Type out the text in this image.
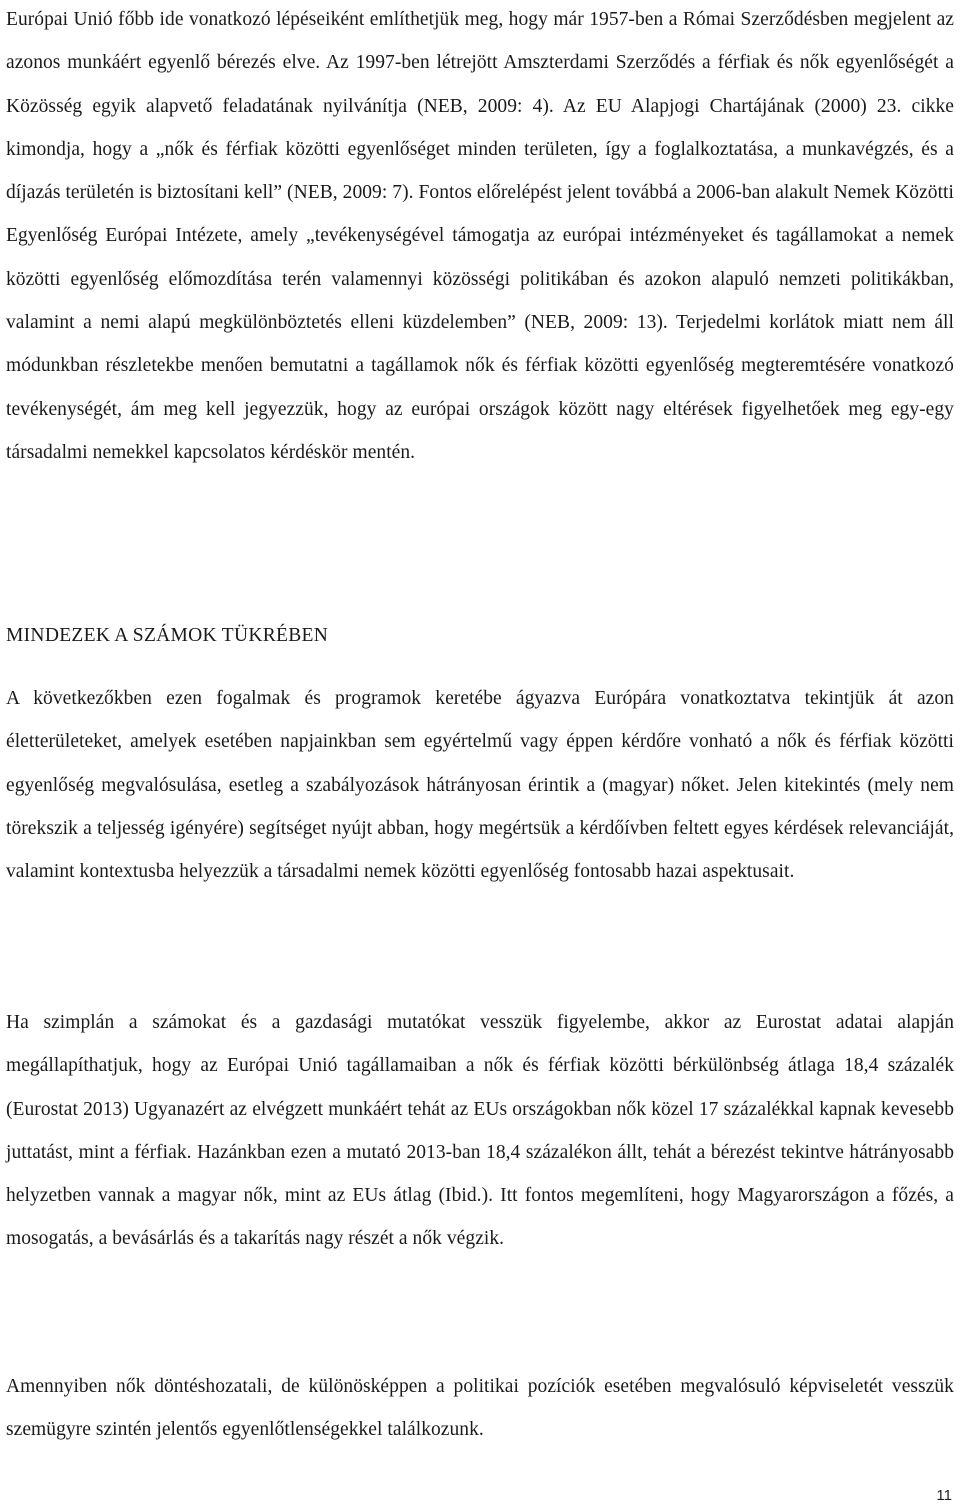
Európai Unió főbb ide vonatkozó lépéseiként említhetjük meg, hogy már 1957-ben a Római Szerződésben megjelent az azonos munkáért egyenlő bérezés elve. Az 1997-ben létrejött Amszterdami Szerződés a férfiak és nők egyenlőségét a Közösség egyik alapvető feladatának nyilvánítja (NEB, 2009: 4). Az EU Alapjogi Chartájának (2000) 23. cikke kimondja, hogy a „nők és férfiak közötti egyenlőséget minden területen, így a foglalkoztatása, a munkavégzés, és a díjazás területén is biztosítani kell” (NEB, 2009: 7). Fontos előrelépést jelent továbbá a 2006-ban alakult Nemek Közötti Egyenlőség Európai Intézete, amely „tevékenységével támogatja az európai intézményeket és tagállamokat a nemek közötti egyenlőség előmozdítása terén valamennyi közösségi politikában és azokon alapuló nemzeti politikákban, valamint a nemi alapú megkülönböztetés elleni küzdelemben” (NEB, 2009: 13). Terjedelmi korlátok miatt nem áll módunkban részletekbe menően bemutatni a tagállamok nők és férfiak közötti egyenlőség megteremtésére vonatkozó tevékenységét, ám meg kell jegyezzük, hogy az európai országok között nagy eltérések figyelhetőek meg egy-egy társadalmi nemekkel kapcsolatos kérdéskör mentén.

MINDEZEK A SZÁMOK TÜKRÉBEN

A következőkben ezen fogalmak és programok keretébe ágyazva Európára vonatkoztatva tekintjük át azon életterületeket, amelyek esetében napjainkban sem egyértelmű vagy éppen kérdőre vonható a nők és férfiak közötti egyenlőség megvalósulása, esetleg a szabályozások hátrányosan érintik a (magyar) nőket. Jelen kitekintés (mely nem törekszik a teljesség igényére) segítséget nyújt abban, hogy megértsük a kérdőívben feltett egyes kérdések relevanciáját, valamint kontextusba helyezzük a társadalmi nemek közötti egyenlőség fontosabb hazai aspektusait.

Ha szimplán a számokat és a gazdasági mutatókat vesszük figyelembe, akkor az Eurostat adatai alapján megállapíthatjuk, hogy az Európai Unió tagállamaiban a nők és férfiak közötti bérkülönbség átlaga 18,4 százalék (Eurostat 2013) Ugyanazért az elvégzett munkáért tehát az EUs országokban nők közel 17 százalékkal kapnak kevesebb juttatást, mint a férfiak. Hazánkban ezen a mutató 2013-ban 18,4 százalékon állt, tehát a bérezést tekintve hátrányosabb helyzetben vannak a magyar nők, mint az EUs átlag (Ibid.). Itt fontos megemlíteni, hogy Magyarországon a főzés, a mosogatás, a bevásárlás és a takarítás nagy részét a nők végzik.

Amennyiben nők döntéshozatali, de különösképpen a politikai pozíciók esetében megvalósuló képviseletét vesszük szemügyre szintén jelentős egyenlőtlenségekkel találkozunk.

11
